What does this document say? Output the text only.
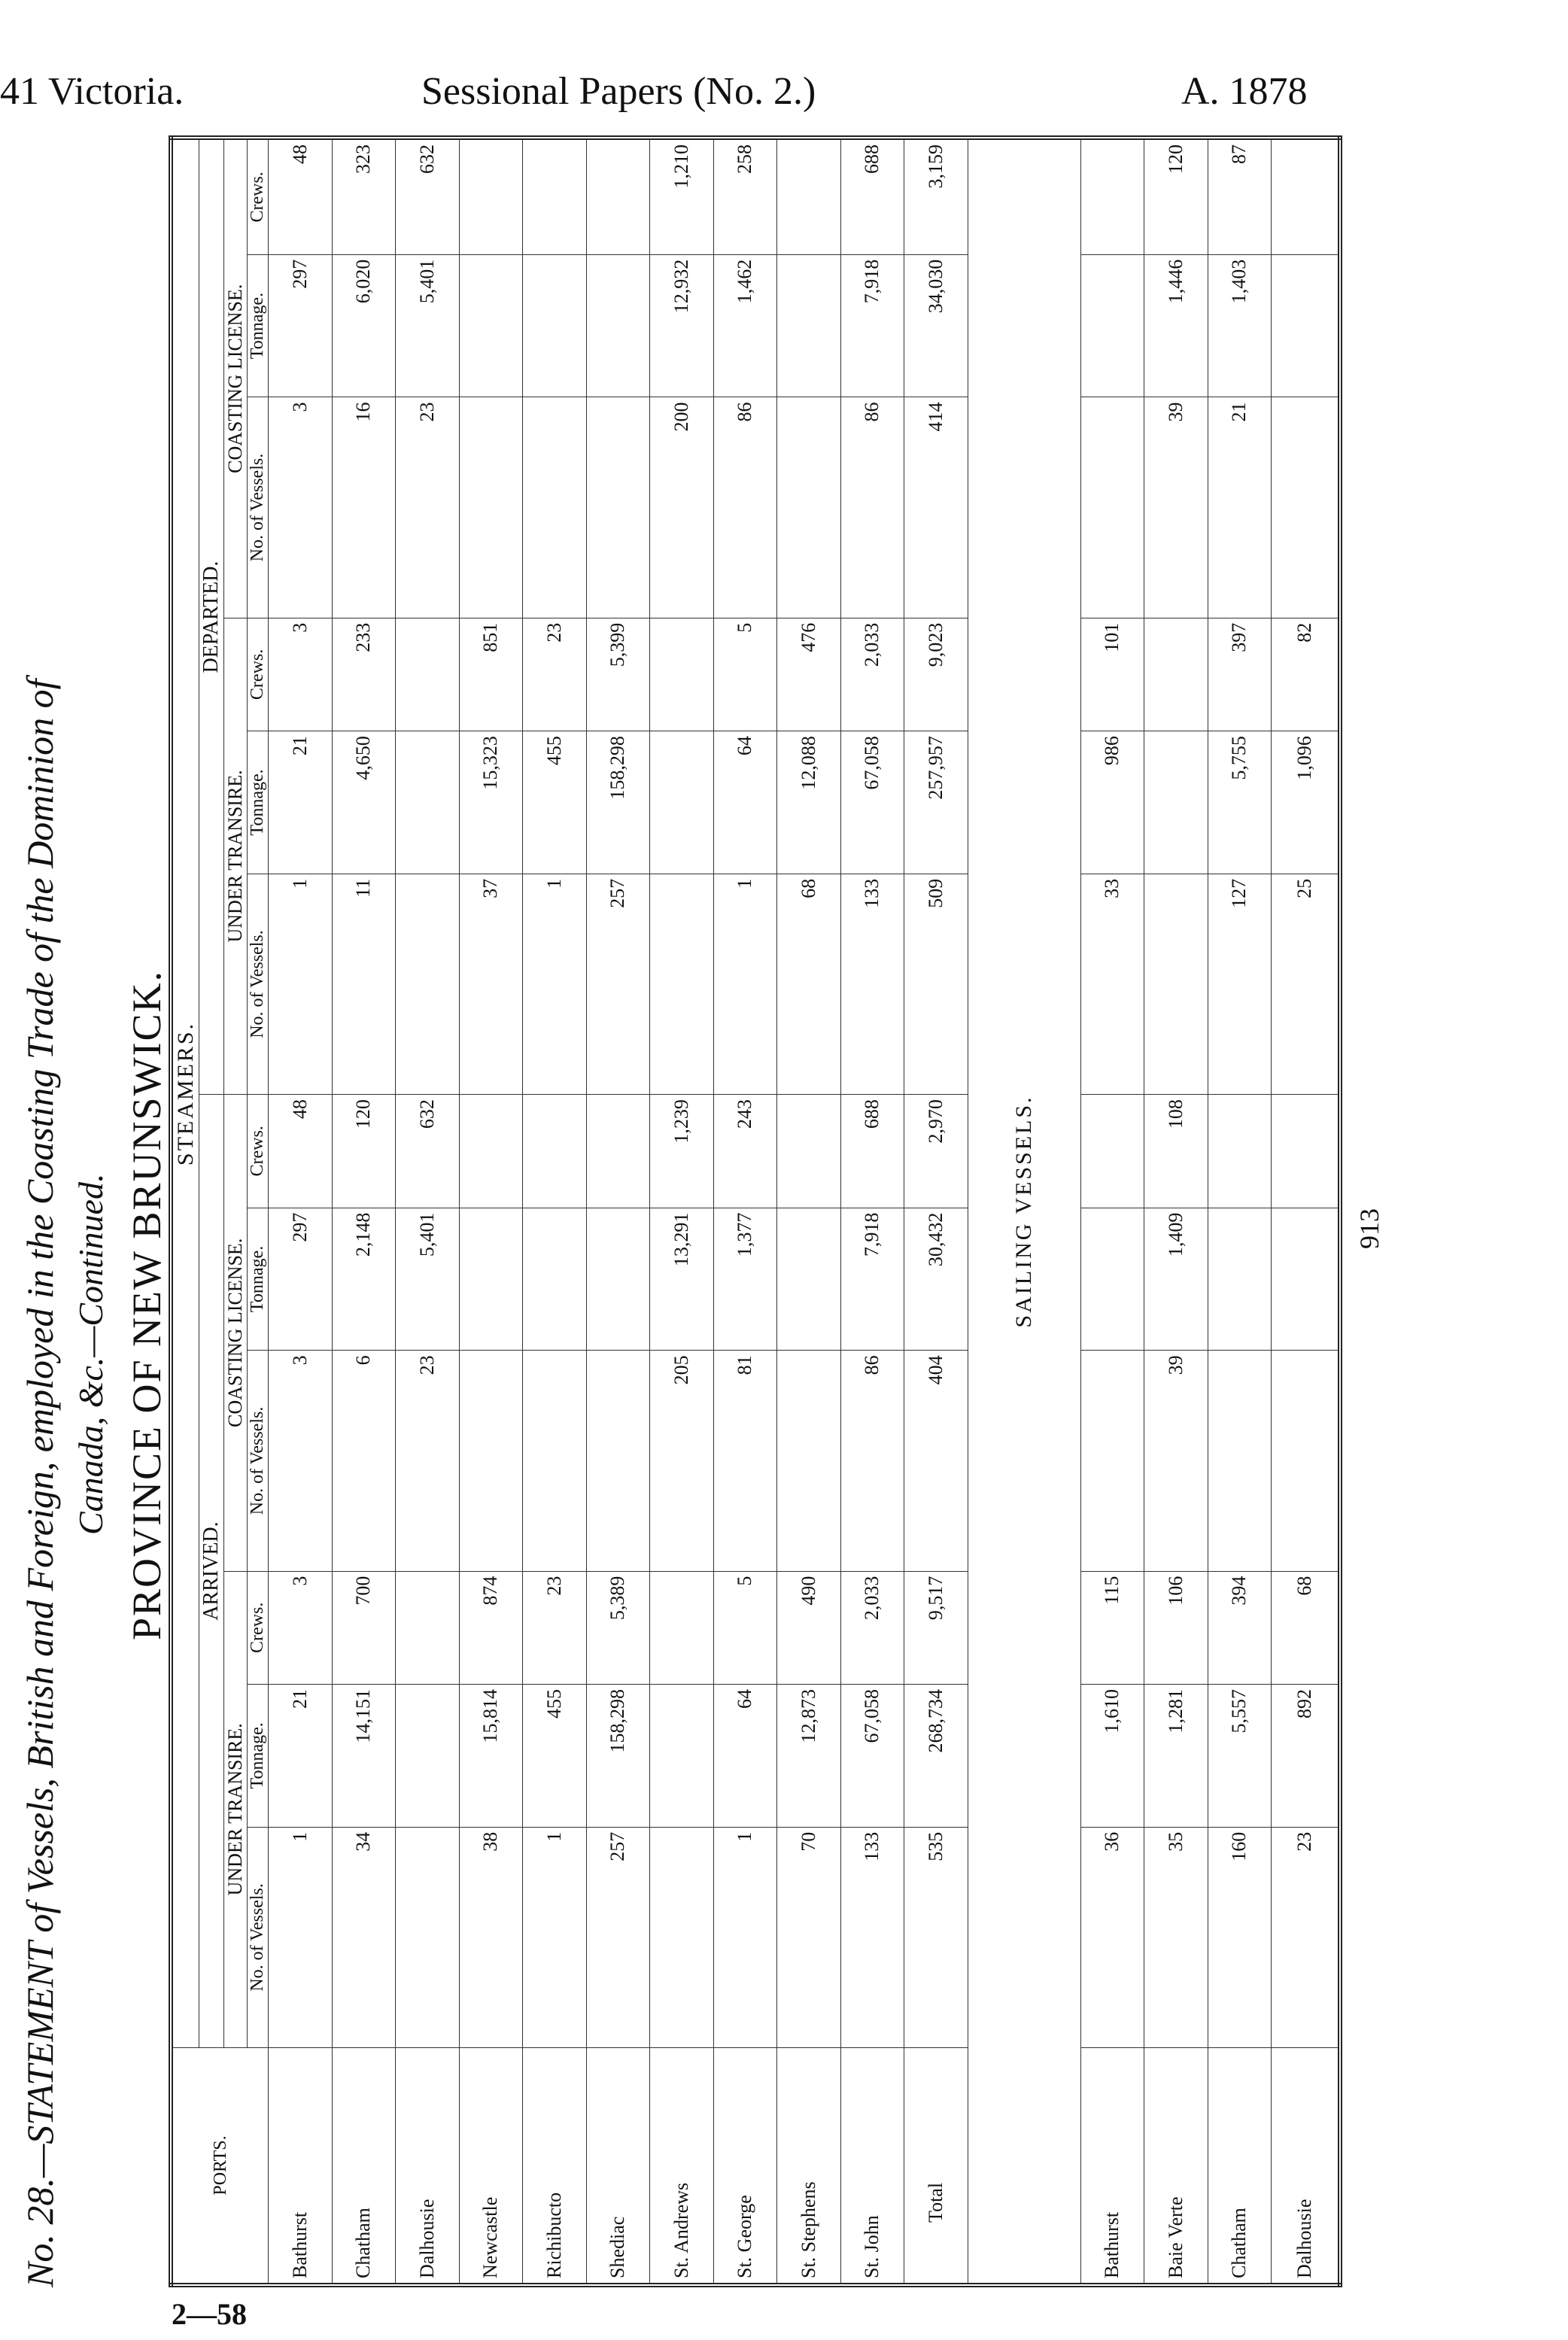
41 Victoria.	Sessional Papers (No. 2.)	A. 1878
No. 28.—STATEMENT of Vessels, British and Foreign, employed in the Coasting Trade of the Dominion of Canada, &c.—Continued. PROVINCE OF NEW BRUNSWICK.
PORTS.	STEAMERS.											
	ARRIVED.						DEPARTED.					
	UNDER TRANSIRE.			COASTING LICENSE.			UNDER TRANSIRE.			COASTING LICENSE.		
	No. of Vessels.	Tonnage.	Crews.	No. of Vessels.	Tonnage.	Crews.	No. of Vessels.	Tonnage.	Crews.	No. of Vessels.	Tonnage.	Crews.
Bathurst	1	21	3	3	297	48	1	21	3	3	297	48
Chatham	34	14,151	700	6	2,148	120	11	4,650	233	16	6,020	323
Dalhousie				23	5,401	632				23	5,401	632
Newcastle	38	15,814	874				37	15,323	851			
Richibucto	1	455	23				1	455	23			
Shediac	257	158,298	5,389				257	158,298	5,399			
St. Andrews				205	13,291	1,239				200	12,932	1,210
St. George	1	64	5	81	1,377	243	1	64	5	86	1,462	258
St. Stephens	70	12,873	490				68	12,088	476			
St. John	133	67,058	2,033	86	7,918	688	133	67,058	2,033	86	7,918	688
Total	535	268,734	9,517	404	30,432	2,970	509	257,957	9,023	414	34,030	3,159
SAILING VESSELS.												
Bathurst	36	1,610	115				33	986	101			
Baie Verte	35	1,281	106	39	1,409	108				39	1,446	120
Chatham	160	5,557	394				127	5,755	397	21	1,403	87
Dalhousie	23	892	68				25	1,096	82			
913
2—58
